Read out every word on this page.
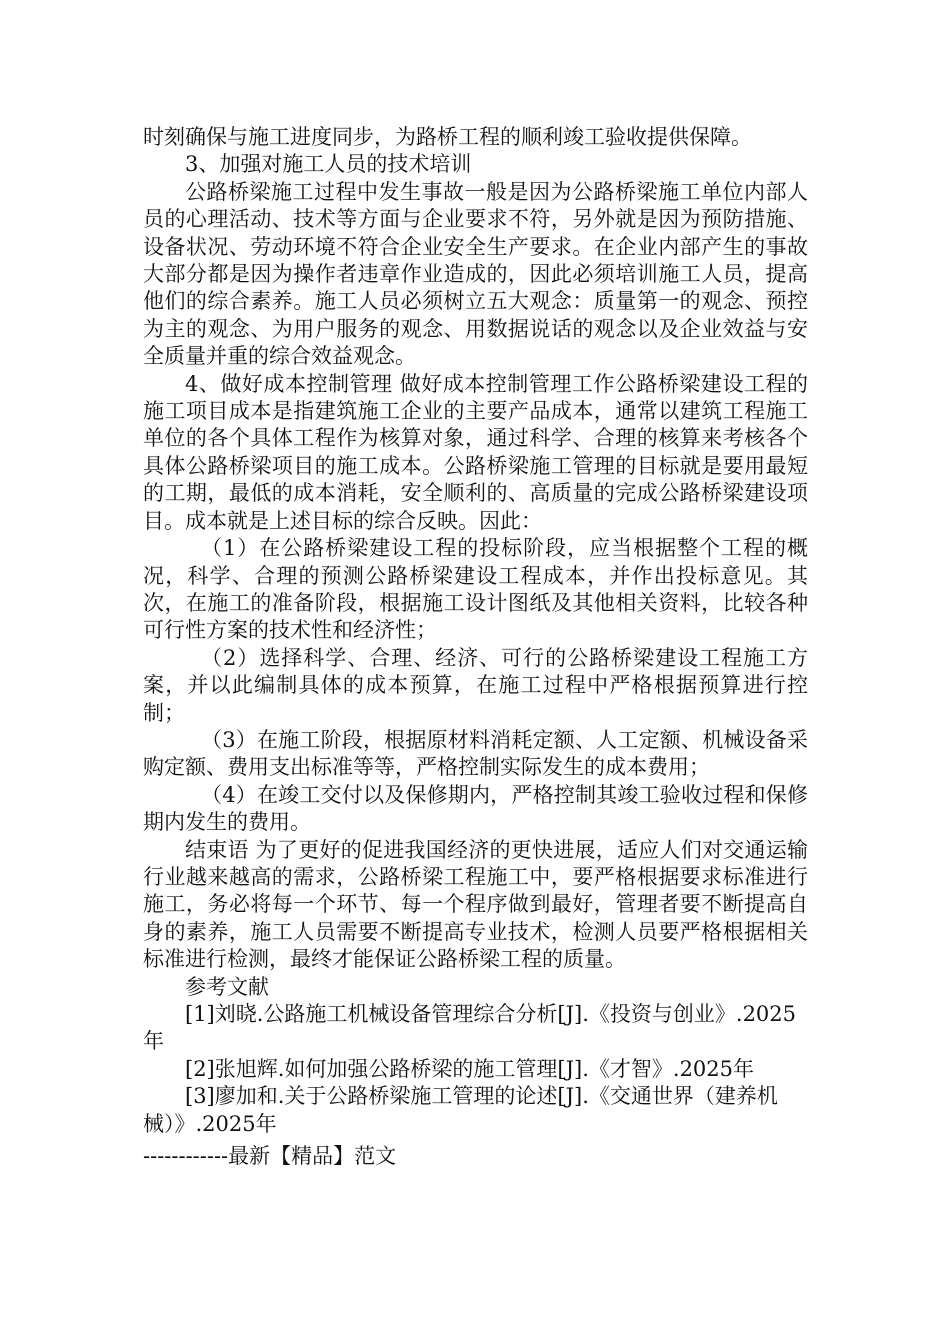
时刻确保与施工进度同步，为路桥工程的顺利竣工验收提供保障。

3、加强对施工人员的技术培训

公路桥梁施工过程中发生事故一般是因为公路桥梁施工单位内部人员的心理活动、技术等方面与企业要求不符，另外就是因为预防措施、设备状况、劳动环境不符合企业安全生产要求。在企业内部产生的事故大部分都是因为操作者违章作业造成的，因此必须培训施工人员，提高他们的综合素养。施工人员必须树立五大观念：质量第一的观念、预控为主的观念、为用户服务的观念、用数据说话的观念以及企业效益与安全质量并重的综合效益观念。

4、做好成本控制管理 做好成本控制管理工作公路桥梁建设工程的施工项目成本是指建筑施工企业的主要产品成本，通常以建筑工程施工单位的各个具体工程作为核算对象，通过科学、合理的核算来考核各个具体公路桥梁项目的施工成本。公路桥梁施工管理的目标就是要用最短的工期，最低的成本消耗，安全顺利的、高质量的完成公路桥梁建设项目。成本就是上述目标的综合反映。因此：

（1）在公路桥梁建设工程的投标阶段，应当根据整个工程的概况，科学、合理的预测公路桥梁建设工程成本，并作出投标意见。其次，在施工的准备阶段，根据施工设计图纸及其他相关资料，比较各种可行性方案的技术性和经济性；

（2）选择科学、合理、经济、可行的公路桥梁建设工程施工方案，并以此编制具体的成本预算，在施工过程中严格根据预算进行控制；

（3）在施工阶段，根据原材料消耗定额、人工定额、机械设备采购定额、费用支出标准等等，严格控制实际发生的成本费用；

（4）在竣工交付以及保修期内，严格控制其竣工验收过程和保修期内发生的费用。

结束语 为了更好的促进我国经济的更快进展，适应人们对交通运输行业越来越高的需求，公路桥梁工程施工中，要严格根据要求标准进行施工，务必将每一个环节、每一个程序做到最好，管理者要不断提高自身的素养，施工人员需要不断提高专业技术，检测人员要严格根据相关标准进行检测，最终才能保证公路桥梁工程的质量。

参考文献

[1]刘晓.公路施工机械设备管理综合分析[J].《投资与创业》.2025年

[2]张旭辉.如何加强公路桥梁的施工管理[J].《才智》.2025年

[3]廖加和.关于公路桥梁施工管理的论述[J].《交通世界（建养机械）》.2025年

------------最新【精品】范文
